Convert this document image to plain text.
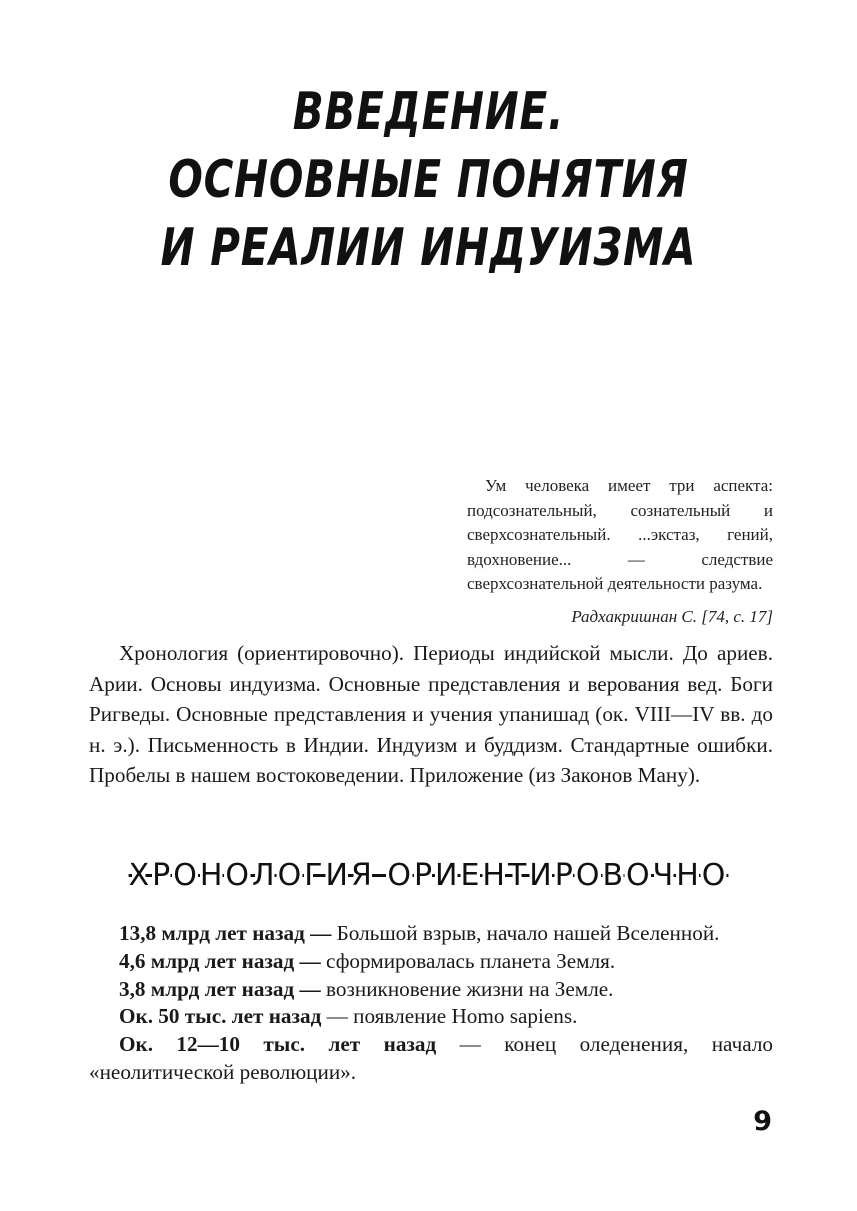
ВВЕДЕНИЕ.
ОСНОВНЫЕ ПОНЯТИЯ
И РЕАЛИИ ИНДУИЗМА

Ум человека имеет три аспекта: подсознательный, сознательный и сверхсознательный. ...экстаз, гений, вдохновение... — следствие сверхсознательной деятельности разума.

Радхакришнан С. [74, с. 17]

Хронология (ориентировочно). Периоды индийской мысли. До ариев. Арии. Основы индуизма. Основные представления и верования вед. Боги Ригведы. Основные представления и учения упанишад (ок. VIII—IV вв. до н. э.). Письменность в Индии. Индуизм и буддизм. Стандартные ошибки. Пробелы в нашем востоковедении. Приложение (из Законов Ману).

ХРОНОЛОГИЯ ОРИЕНТИРОВОЧНО

13,8 млрд лет назад — Большой взрыв, начало нашей Вселенной.

4,6 млрд лет назад — сформировалась планета Земля.

3,8 млрд лет назад — возникновение жизни на Земле.

Ок. 50 тыс. лет назад — появление Homo sapiens.

Ок. 12—10 тыс. лет назад — конец оледенения, начало «неолитической революции».

9
